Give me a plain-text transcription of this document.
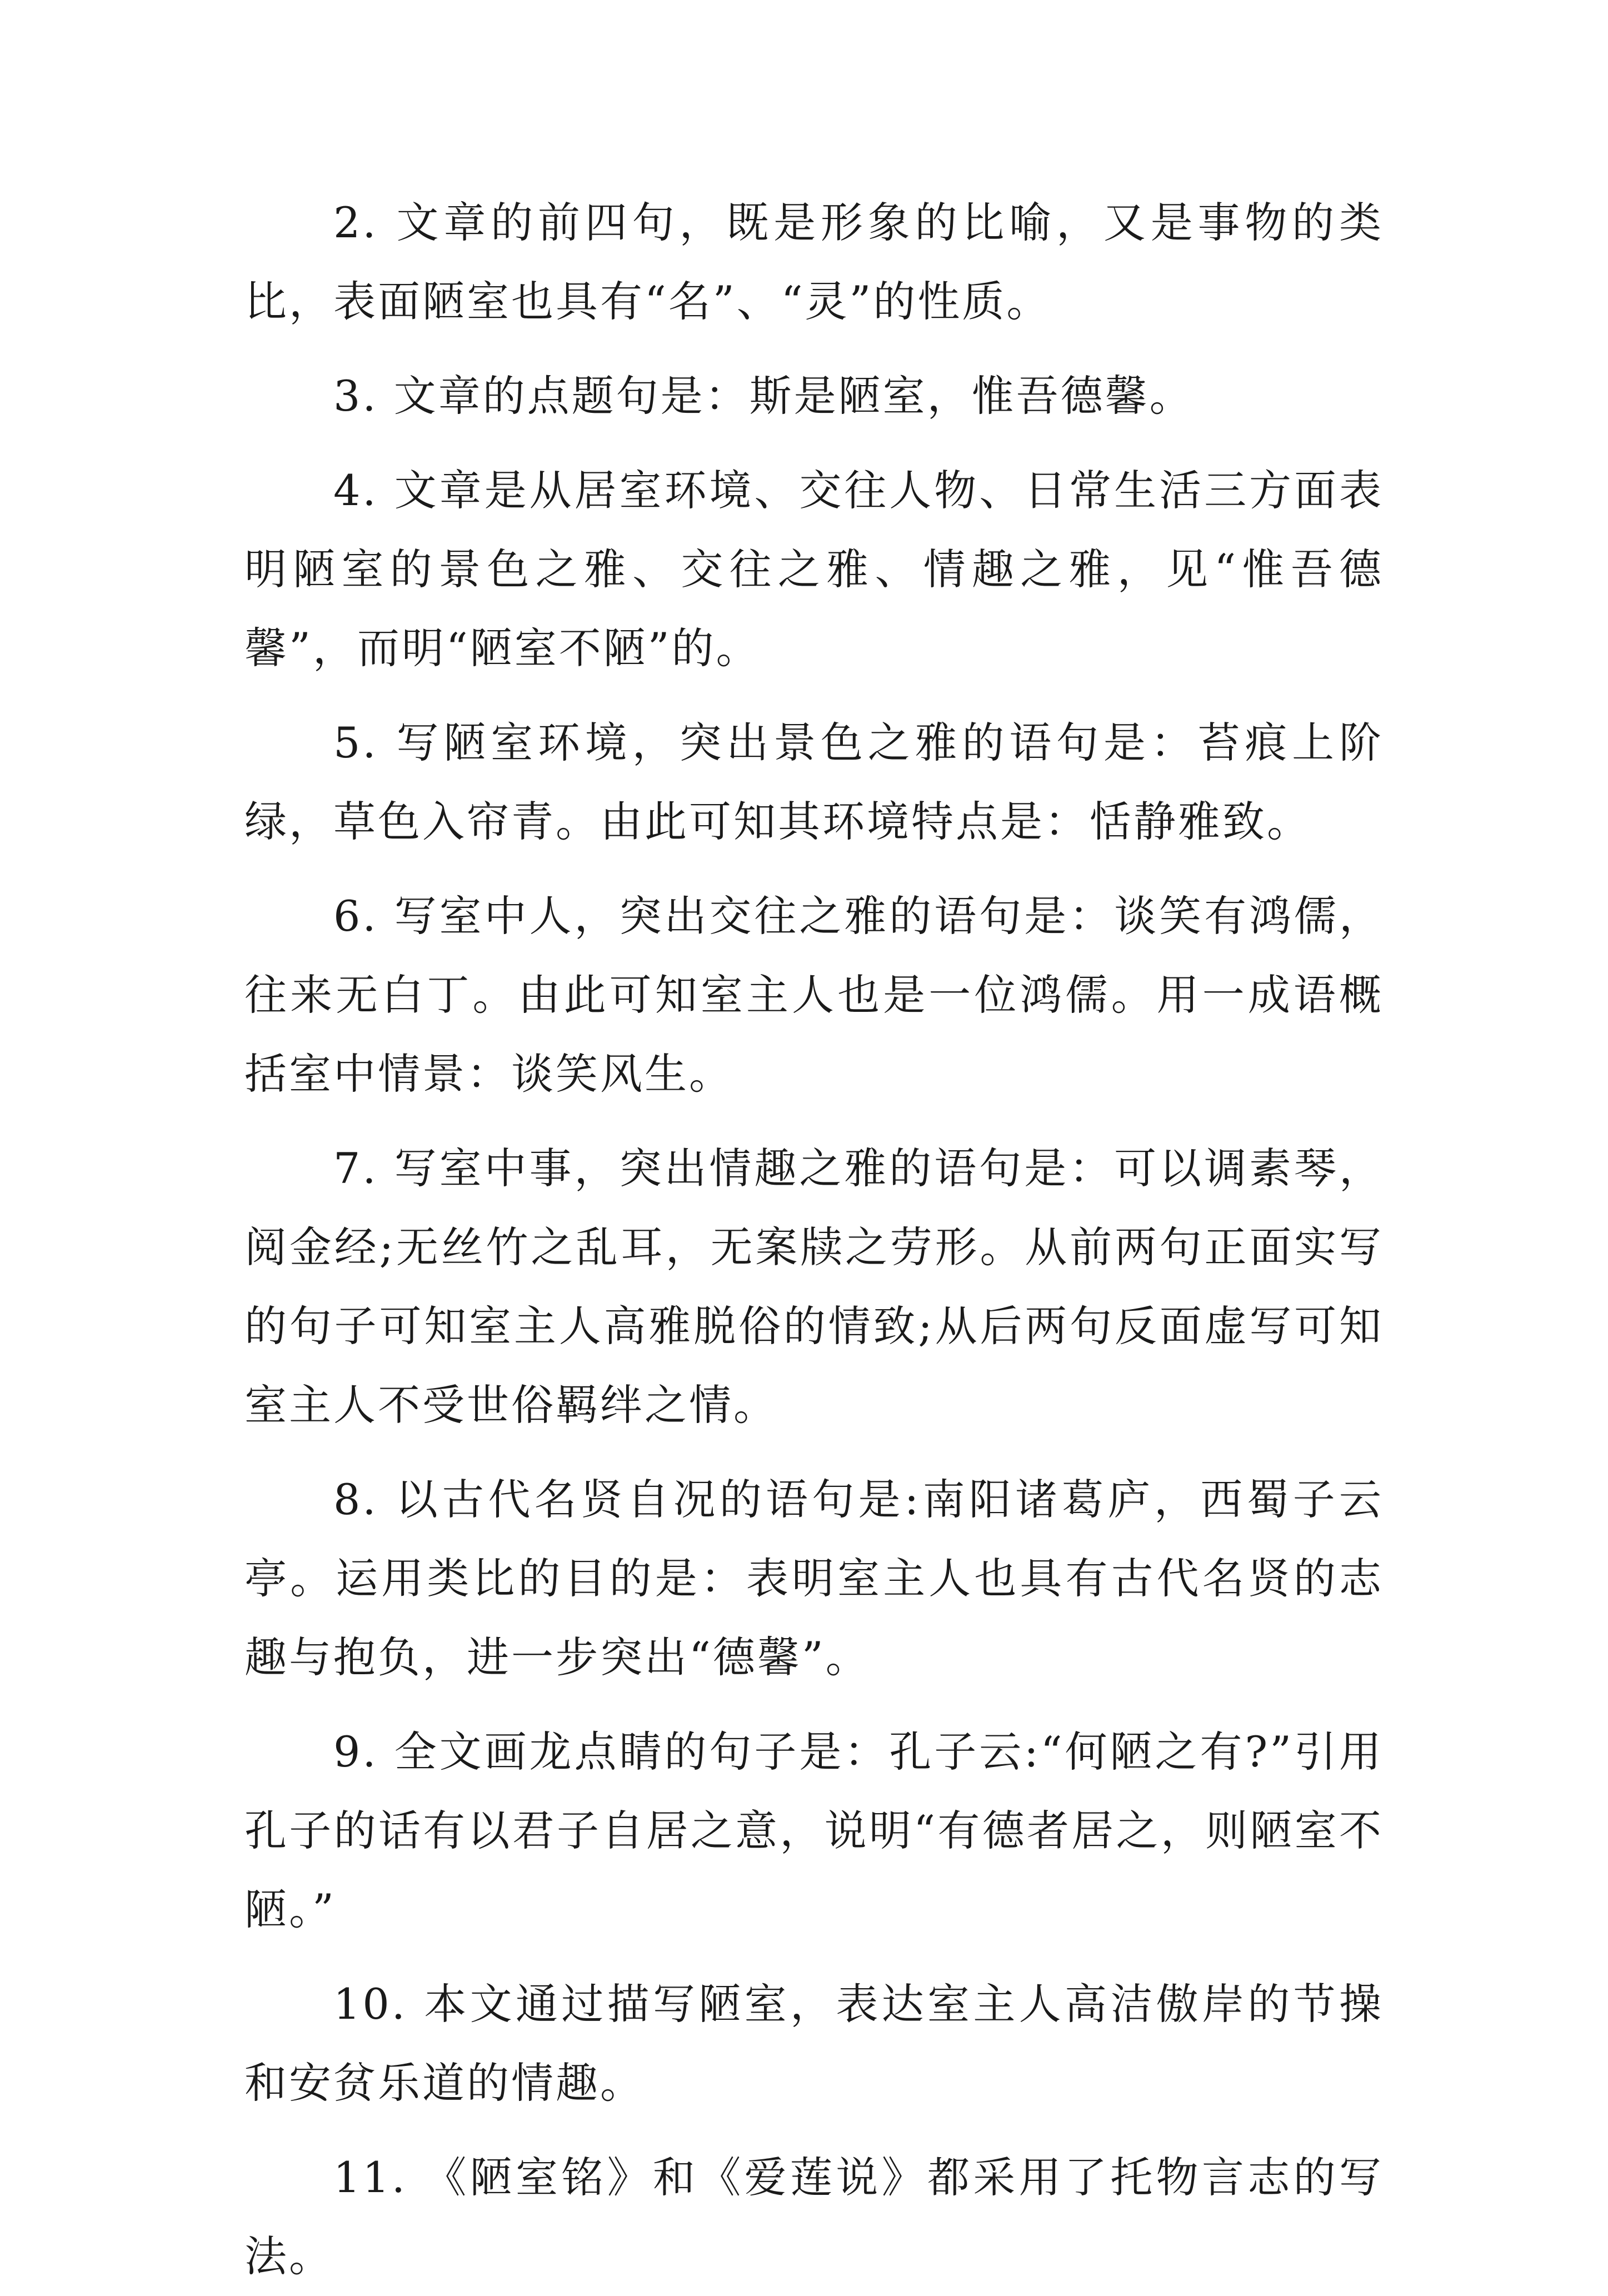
2. 文章的前四句，既是形象的比喻，又是事物的类比，表面陋室也具有“名”、“灵”的性质。

3. 文章的点题句是：斯是陋室，惟吾德馨。

4. 文章是从居室环境、交往人物、日常生活三方面表明陋室的景色之雅、交往之雅、情趣之雅，见“惟吾德馨”，而明“陋室不陋”的。

5. 写陋室环境，突出景色之雅的语句是：苔痕上阶绿，草色入帘青。由此可知其环境特点是：恬静雅致。

6. 写室中人，突出交往之雅的语句是：谈笑有鸿儒，往来无白丁。由此可知室主人也是一位鸿儒。用一成语概括室中情景：谈笑风生。

7. 写室中事，突出情趣之雅的语句是：可以调素琴，阅金经;无丝竹之乱耳，无案牍之劳形。从前两句正面实写的句子可知室主人高雅脱俗的情致;从后两句反面虚写可知室主人不受世俗羁绊之情。

8. 以古代名贤自况的语句是:南阳诸葛庐，西蜀子云亭。运用类比的目的是：表明室主人也具有古代名贤的志趣与抱负，进一步突出“德馨”。

9. 全文画龙点睛的句子是：孔子云:“何陋之有?”引用孔子的话有以君子自居之意，说明“有德者居之，则陋室不陋。”

10. 本文通过描写陋室，表达室主人高洁傲岸的节操和安贫乐道的情趣。

11. 《陋室铭》和《爱莲说》都采用了托物言志的写法。
